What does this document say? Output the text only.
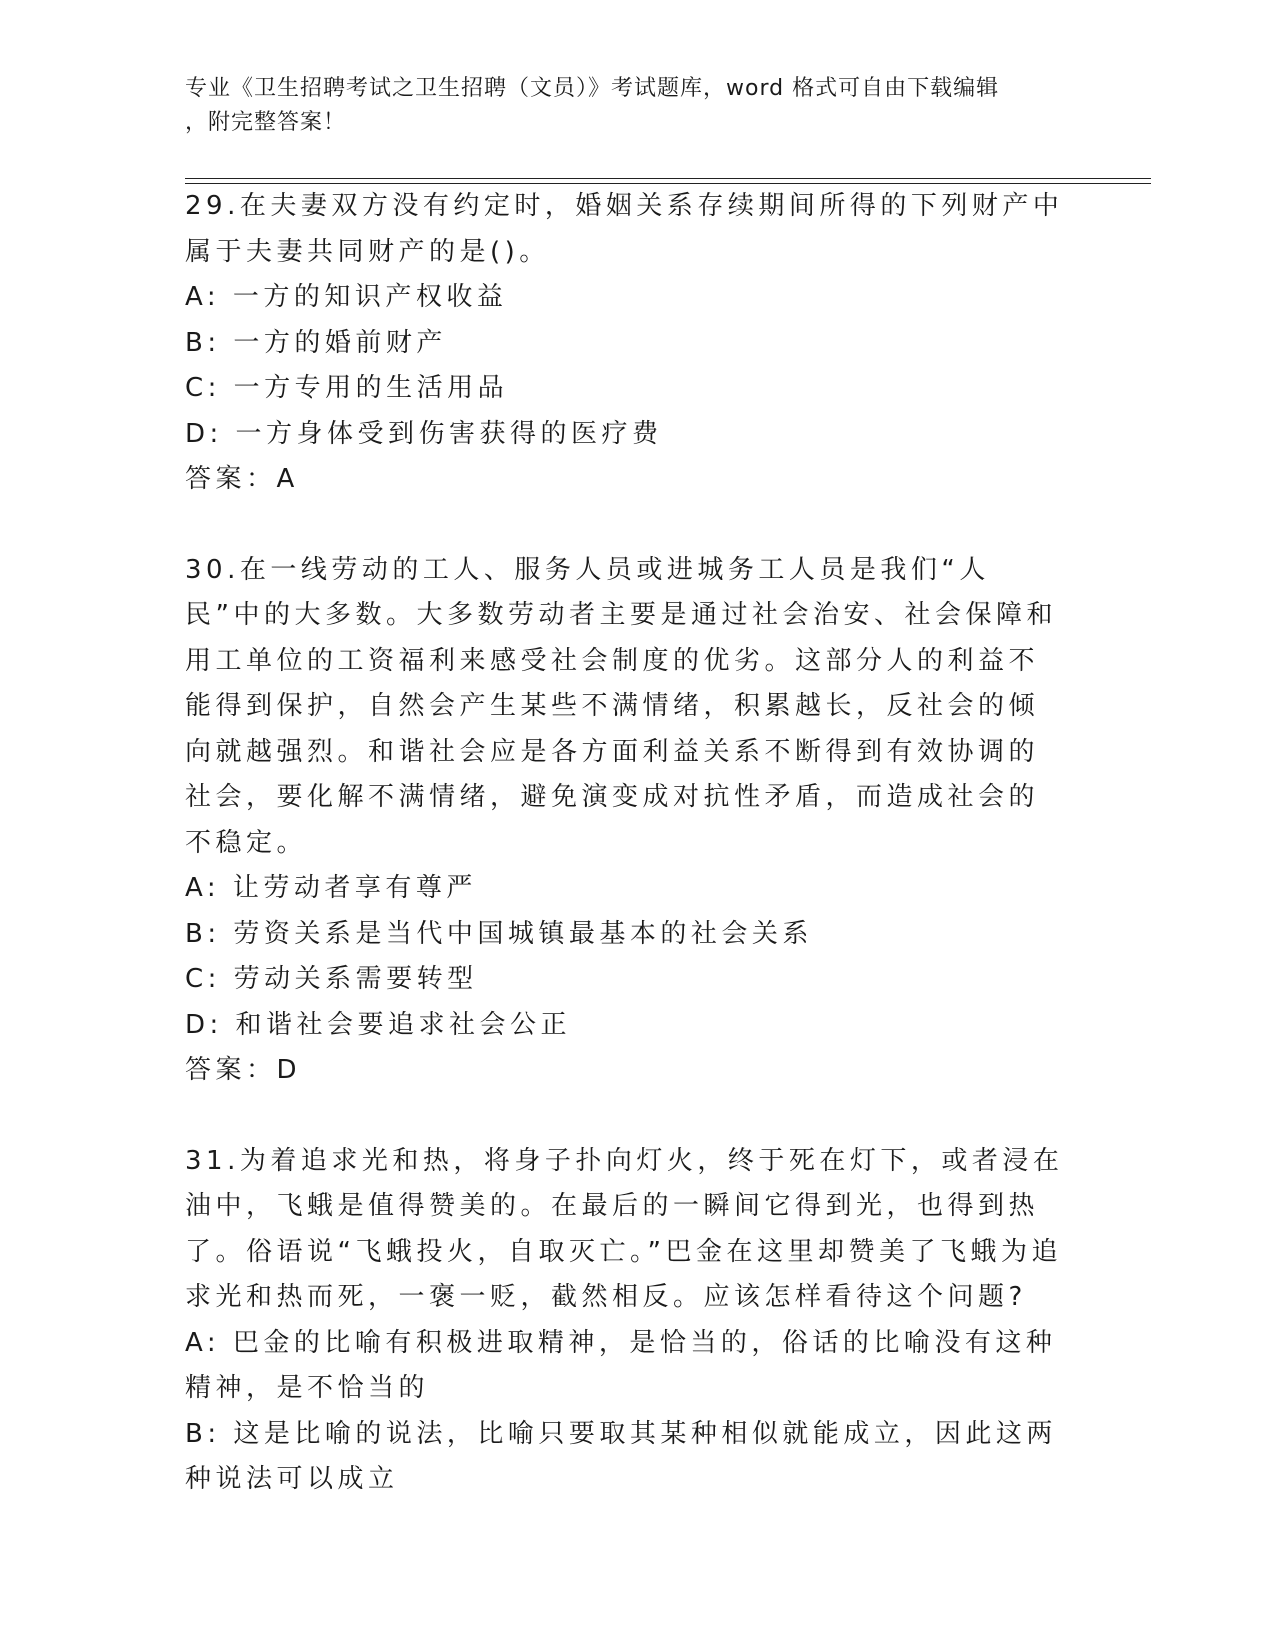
专业《卫生招聘考试之卫生招聘（文员）》考试题库，word 格式可自由下载编辑
，附完整答案！

29.在夫妻双方没有约定时，婚姻关系存续期间所得的下列财产中属于夫妻共同财产的是()。

A: 一方的知识产权收益

B: 一方的婚前财产

C: 一方专用的生活用品

D: 一方身体受到伤害获得的医疗费

答案：A

30.在一线劳动的工人、服务人员或进城务工人员是我们“人民”中的大多数。大多数劳动者主要是通过社会治安、社会保障和用工单位的工资福利来感受社会制度的优劣。这部分人的利益不能得到保护，自然会产生某些不满情绪，积累越长，反社会的倾向就越强烈。和谐社会应是各方面利益关系不断得到有效协调的社会，要化解不满情绪，避免演变成对抗性矛盾，而造成社会的不稳定。

A: 让劳动者享有尊严

B: 劳资关系是当代中国城镇最基本的社会关系

C: 劳动关系需要转型

D: 和谐社会要追求社会公正

答案：D

31.为着追求光和热，将身子扑向灯火，终于死在灯下，或者浸在油中，飞蛾是值得赞美的。在最后的一瞬间它得到光，也得到热了。俗语说“飞蛾投火，自取灭亡。”巴金在这里却赞美了飞蛾为追求光和热而死，一褒一贬，截然相反。应该怎样看待这个问题?

A: 巴金的比喻有积极进取精神，是恰当的，俗话的比喻没有这种精神，是不恰当的

B: 这是比喻的说法，比喻只要取其某种相似就能成立，因此这两种说法可以成立
